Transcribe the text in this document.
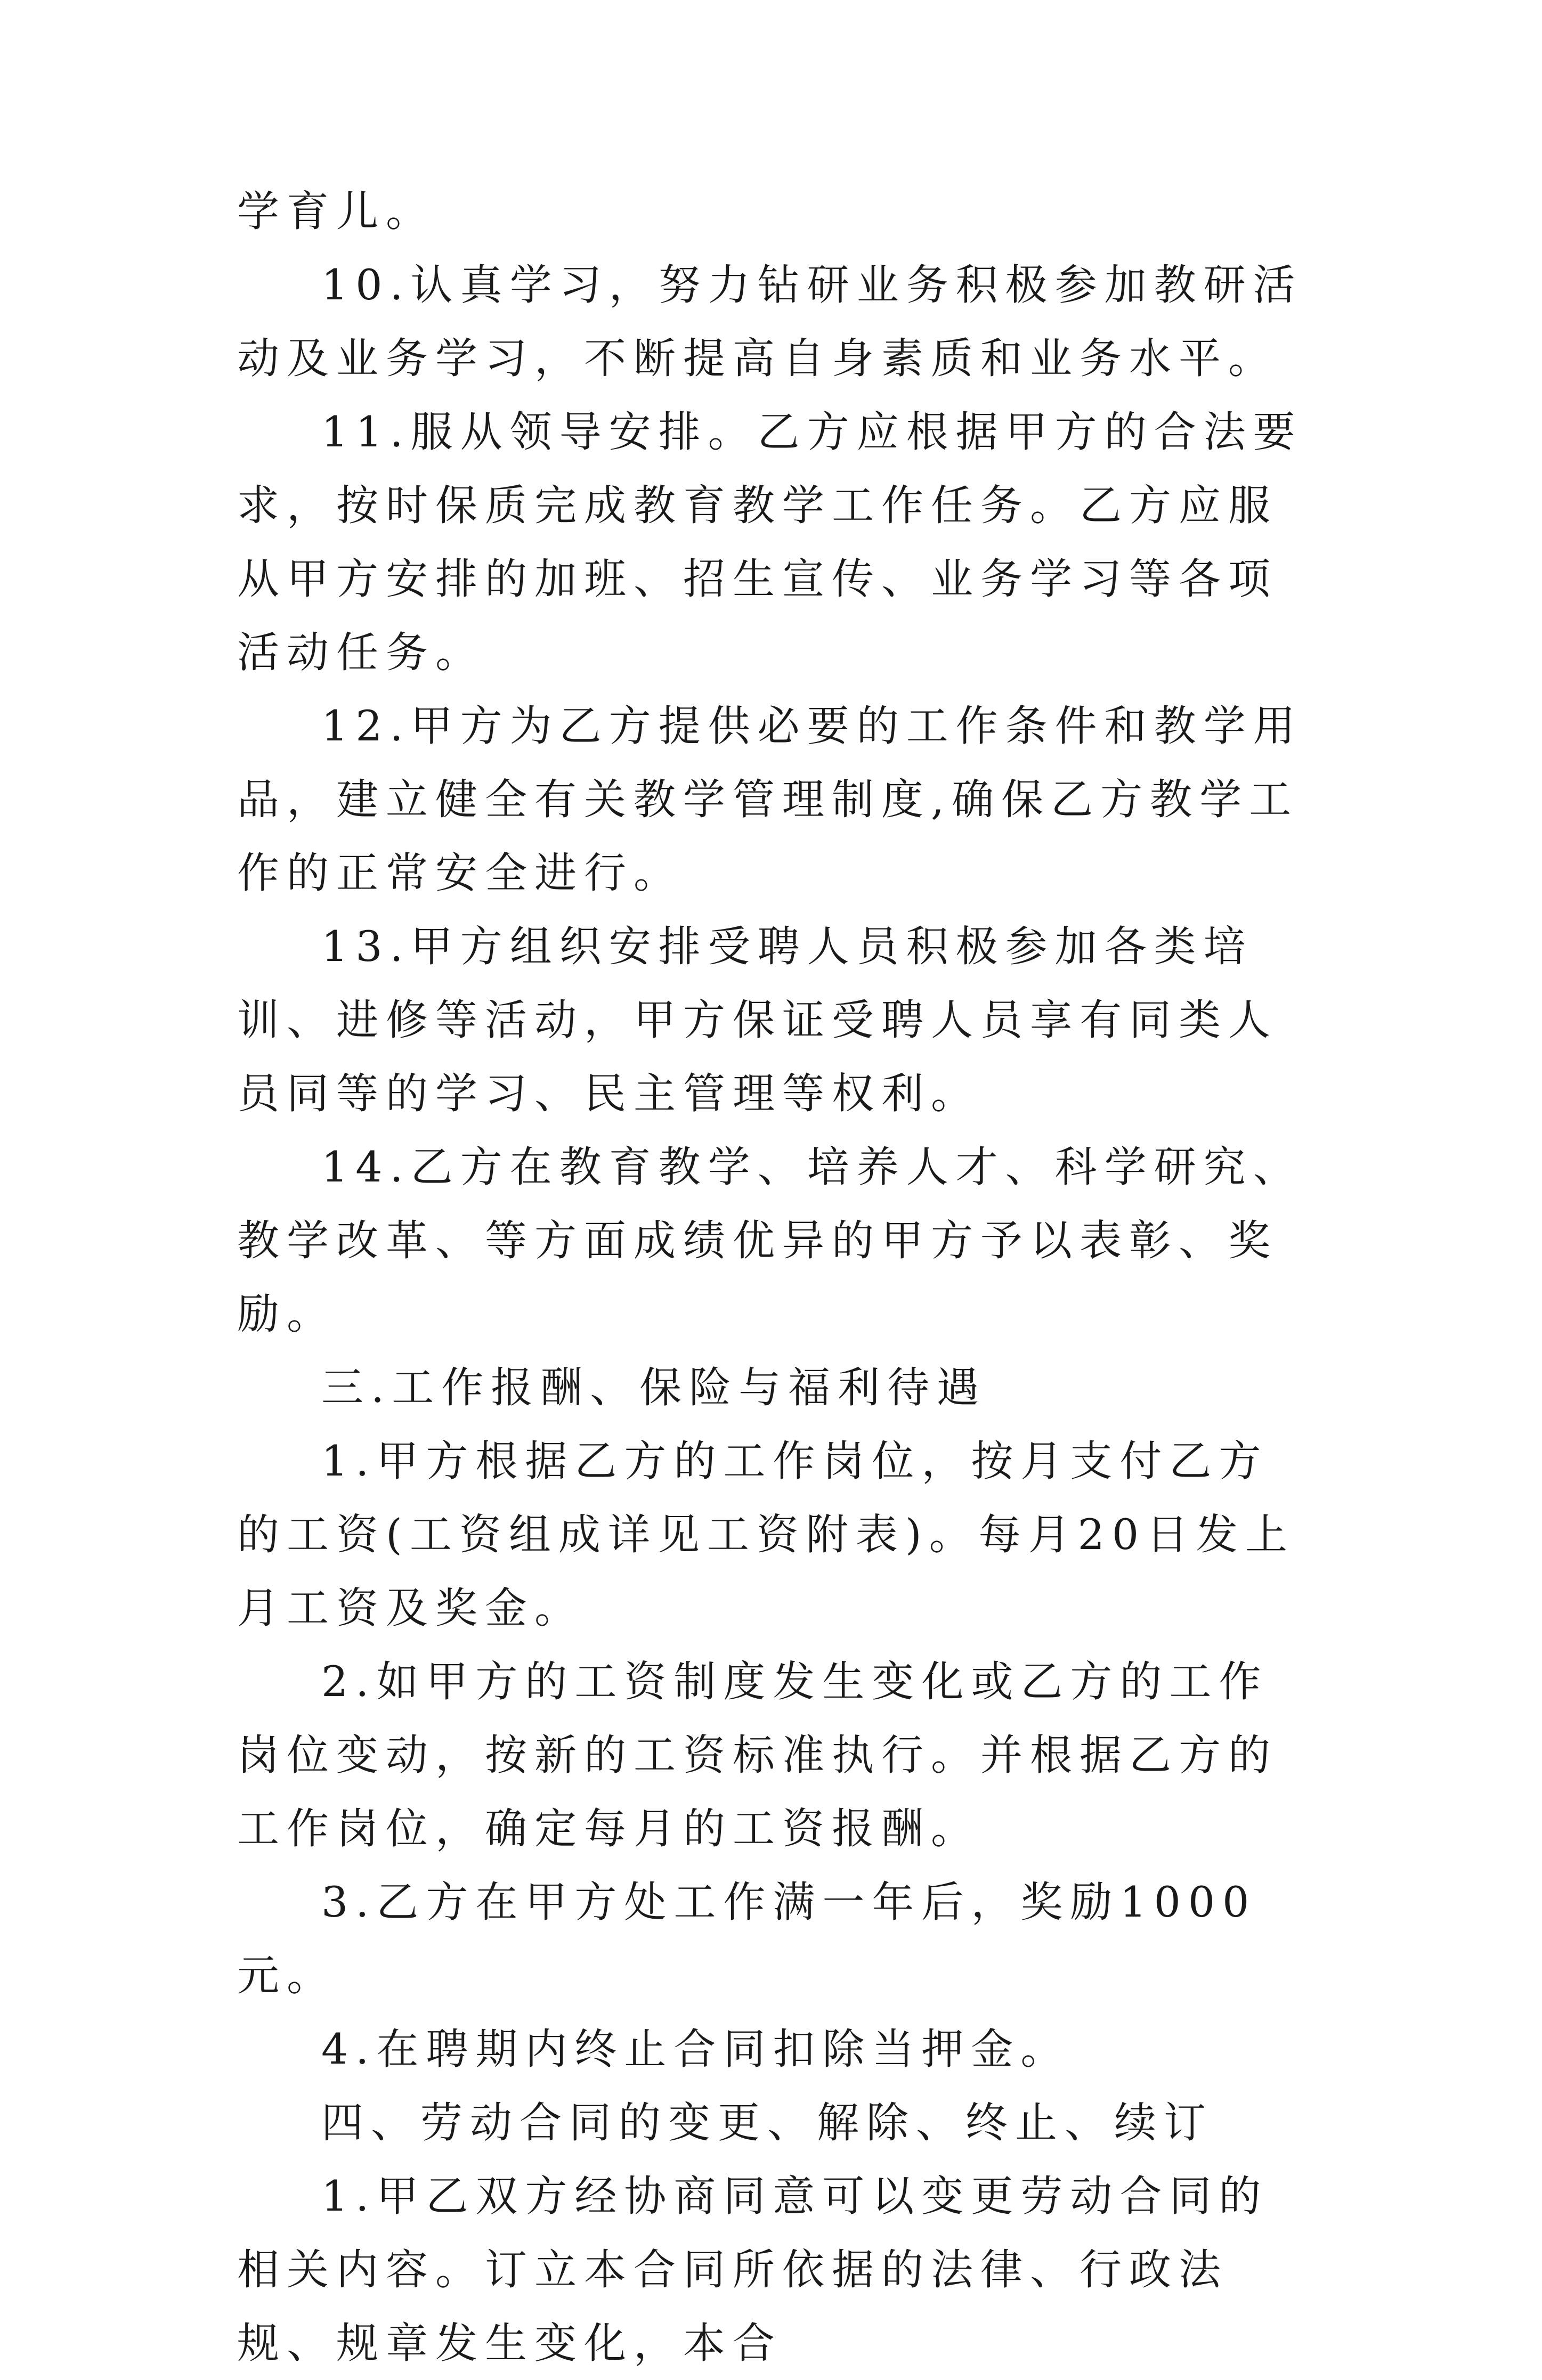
学育儿。

10.认真学习，努力钻研业务积极参加教研活动及业务学习，不断提高自身素质和业务水平。

11.服从领导安排。乙方应根据甲方的合法要求，按时保质完成教育教学工作任务。乙方应服从甲方安排的加班、招生宣传、业务学习等各项活动任务。

12.甲方为乙方提供必要的工作条件和教学用品，建立健全有关教学管理制度,确保乙方教学工作的正常安全进行。

13.甲方组织安排受聘人员积极参加各类培训、进修等活动，甲方保证受聘人员享有同类人员同等的学习、民主管理等权利。

14.乙方在教育教学、培养人才、科学研究、教学改革、等方面成绩优异的甲方予以表彰、奖励。

三.工作报酬、保险与福利待遇

1.甲方根据乙方的工作岗位，按月支付乙方的工资(工资组成详见工资附表)。每月20日发上月工资及奖金。

2.如甲方的工资制度发生变化或乙方的工作岗位变动，按新的工资标准执行。并根据乙方的工作岗位，确定每月的工资报酬。

3.乙方在甲方处工作满一年后，奖励1000元。

4.在聘期内终止合同扣除当押金。

四、劳动合同的变更、解除、终止、续订

1.甲乙双方经协商同意可以变更劳动合同的相关内容。订立本合同所依据的法律、行政法规、规章发生变化，本合
